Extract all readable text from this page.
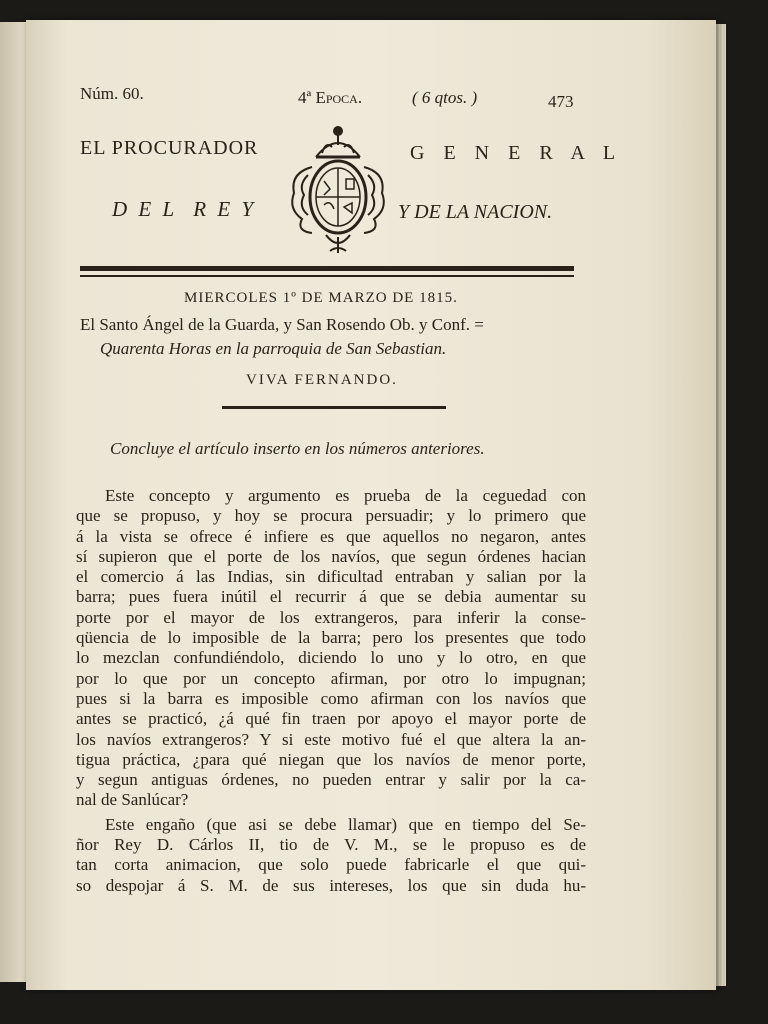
Núm. 60.	4ª Epoca.	( 6 qtos. )	473
EL PROCURADOR	G E N E R A L
D E L  R E Y	Y DE LA NACION.
MIERCOLES 1º DE MARZO DE 1815.
El Santo Ángel de la Guarda, y San Rosendo Ob. y Conf. =
Quarenta Horas en la parroquia de San Sebastian.
VIVA FERNANDO.
Concluye el artículo inserto en los números anteriores.

Este concepto y argumento es prueba de la ceguedad con

que se propuso, y hoy se procura persuadir; y lo primero que

á la vista se ofrece é infiere es que aquellos no negaron, antes

sí supieron que el porte de los navíos, que segun órdenes hacian

el comercio á las Indias, sin dificultad entraban y salian por la

barra; pues fuera inútil el recurrir á que se debia aumentar su

porte por el mayor de los extrangeros, para inferir la conse-

qüencia de lo imposible de la barra; pero los presentes que todo

lo mezclan confundiéndolo, diciendo lo uno y lo otro, en que

por lo que por un concepto afirman, por otro lo impugnan;

pues si la barra es imposible como afirman con los navíos que

antes se practicó, ¿á qué fin traen por apoyo el mayor porte de

los navíos extrangeros? Y si este motivo fué el que altera la an-

tigua práctica, ¿para qué niegan que los navíos de menor porte,

y segun antiguas órdenes, no pueden entrar y salir por la ca-

nal de Sanlúcar?

Este engaño (que asi se debe llamar) que en tiempo del Se-

ñor Rey D. Cárlos II, tio de V. M., se le propuso es de

tan corta animacion, que solo puede fabricarle el que qui-

so despojar á S. M. de sus intereses, los que sin duda hu-
